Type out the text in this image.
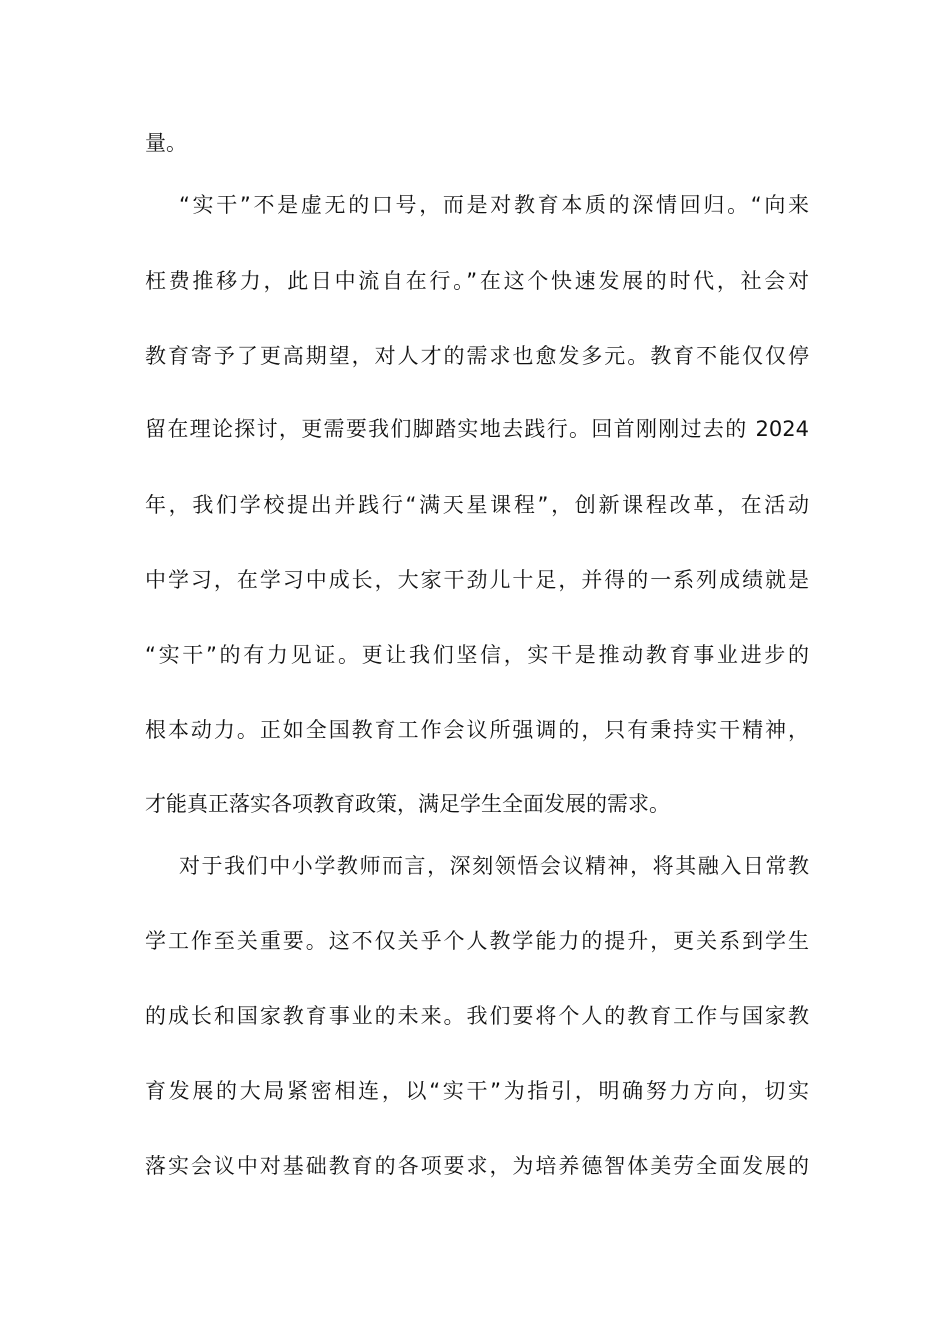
量。
“实干”不是虚无的口号，而是对教育本质的深情回归。“向来
枉费推移力，此日中流自在行。”在这个快速发展的时代，社会对
教育寄予了更高期望，对人才的需求也愈发多元。教育不能仅仅停
留在理论探讨，更需要我们脚踏实地去践行。回首刚刚过去的 2024
年，我们学校提出并践行“满天星课程”，创新课程改革，在活动
中学习，在学习中成长，大家干劲儿十足，并得的一系列成绩就是
“实干”的有力见证。更让我们坚信，实干是推动教育事业进步的
根本动力。正如全国教育工作会议所强调的，只有秉持实干精神，
才能真正落实各项教育政策，满足学生全面发展的需求。
对于我们中小学教师而言，深刻领悟会议精神，将其融入日常教
学工作至关重要。这不仅关乎个人教学能力的提升，更关系到学生
的成长和国家教育事业的未来。我们要将个人的教育工作与国家教
育发展的大局紧密相连，以“实干”为指引，明确努力方向，切实
落实会议中对基础教育的各项要求，为培养德智体美劳全面发展的
